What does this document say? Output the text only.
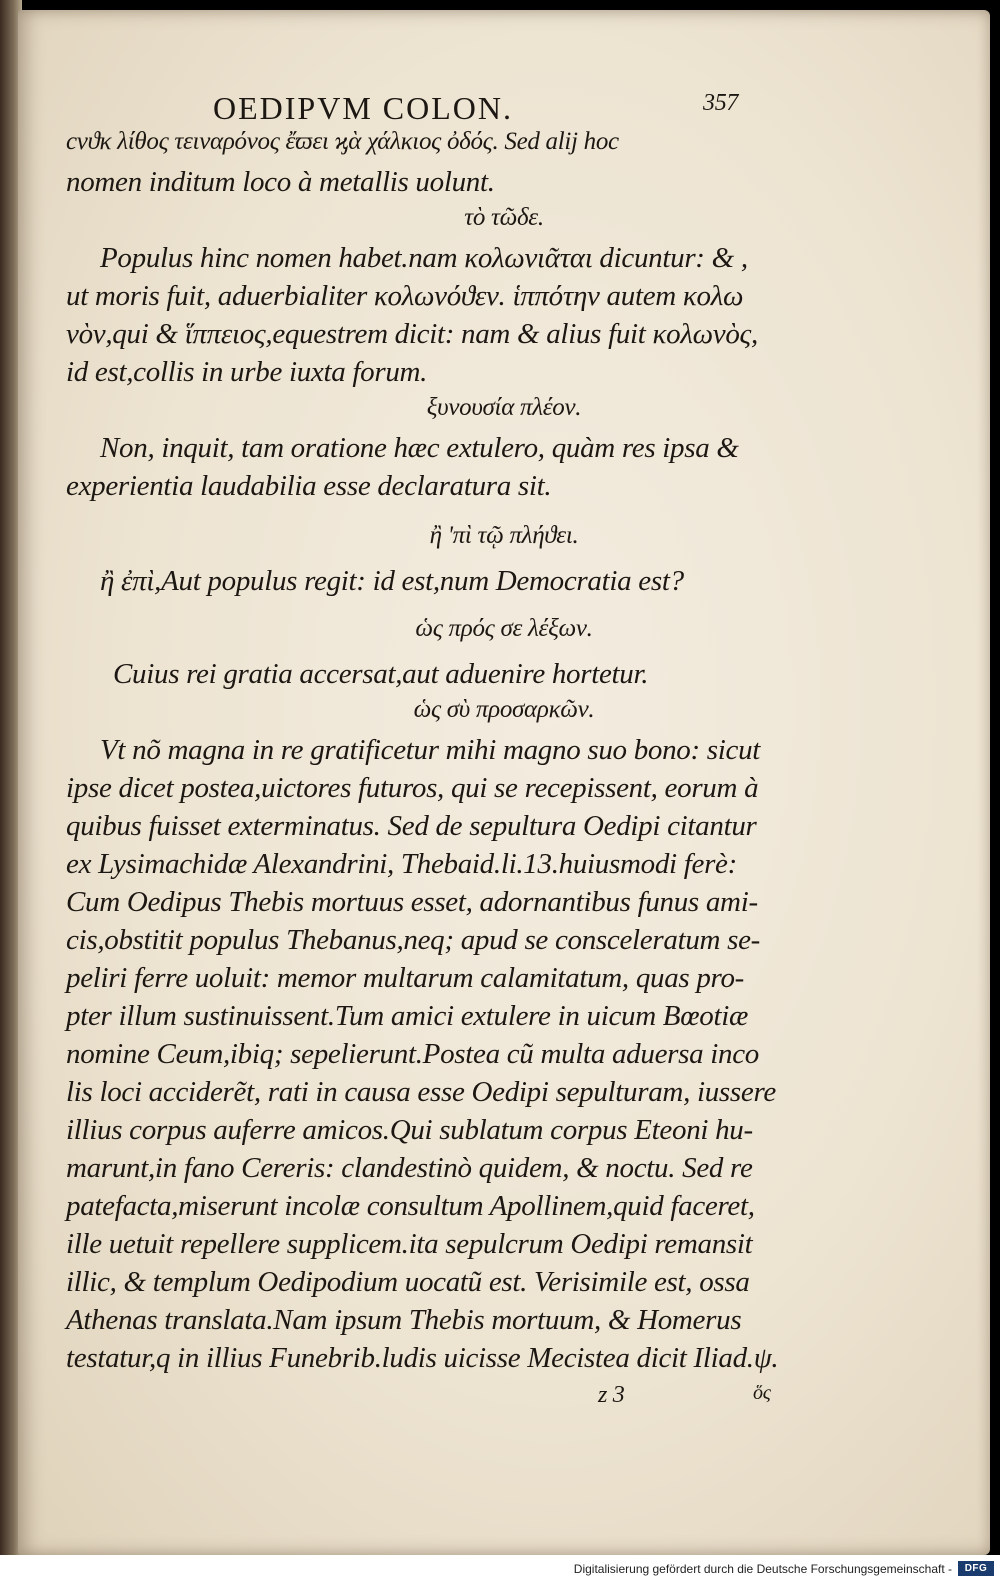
OEDIPVM COLON.	357
cvϑκ λίθος τειναρόνος ἔϖει ϗὰ χάλκιος ὀδός. Sed alij hoc
nomen inditum loco à metallis uolunt.
τὸ τῶδε.
Populus hinc nomen habet.nam κολωνιᾶται dicuntur: & ,
ut moris fuit, aduerbialiter κολωνόϑεν. ἱππότην autem κολω
νὸν,qui & ἵππειος,equestrem dicit: nam & alius fuit κολωνὸς,
id est,collis in urbe iuxta forum.
ξυνουσία πλέον.
Non, inquit, tam oratione hæc extulero, quàm res ipsa &
experientia laudabilia esse declaratura sit.
ἢ 'πὶ τῷ πλήϑει.
ἢ ἐπὶ,Aut populus regit: id est,num Democratia est?
ὡς πρός σε λέξων.
Cuius rei gratia accersat,aut aduenire hortetur.
ὡς σὺ προσαρκῶν.
Vt nõ magna in re gratificetur mihi magno suo bono: sicut
ipse dicet postea,uictores futuros, qui se recepissent, eorum à
quibus fuisset exterminatus. Sed de sepultura Oedipi citantur
ex Lysimachidæ Alexandrini, Thebaid.li.13.huiusmodi ferè:
Cum Oedipus Thebis mortuus esset, adornantibus funus ami-
cis,obstitit populus Thebanus,neq; apud se consceleratum se-
peliri ferre uoluit: memor multarum calamitatum, quas pro-
pter illum sustinuissent.Tum amici extulere in uicum Bœotiæ
nomine Ceum,ibiq; sepelierunt.Postea cũ multa aduersa inco
lis loci acciderẽt, rati in causa esse Oedipi sepulturam, iussere
illius corpus auferre amicos.Qui sublatum corpus Eteoni hu-
marunt,in fano Cereris: clandestinò quidem, & noctu. Sed re
patefacta,miserunt incolæ consultum Apollinem,quid faceret,
ille uetuit repellere supplicem.ita sepulcrum Oedipi remansit
illic, & templum Oedipodium uocatũ est. Verisimile est, ossa
Athenas translata.Nam ipsum Thebis mortuum, & Homerus
testatur,q in illius Funebrib.ludis uicisse Mecistea dicit Iliad.ψ.
z 3	ὅς
Digitalisierung gefördert durch die Deutsche Forschungsgemeinschaft -	DFG
